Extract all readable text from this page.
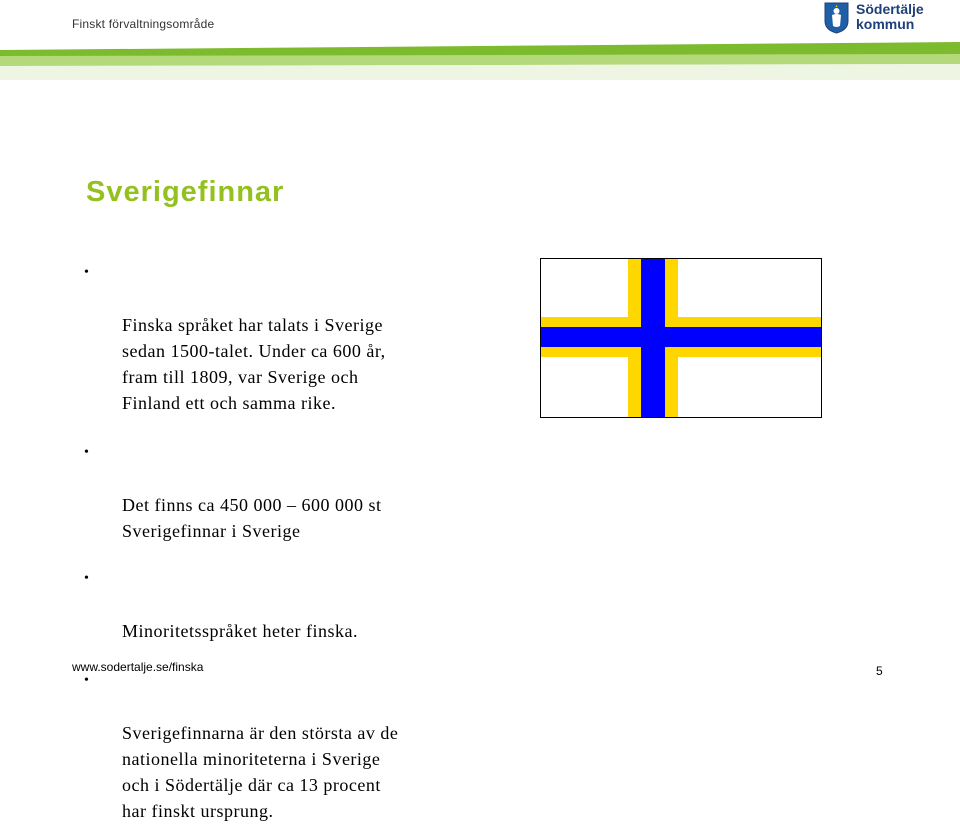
Finskt förvaltningsområde
Södertälje
kommun
Sverigefinnar

•

Finska språket har talats i Sverige
sedan 1500-talet. Under ca 600 år,
fram till 1809, var Sverige och
Finland ett och samma rike.

•

Det finns ca 450 000 – 600 000 st
Sverigefinnar i Sverige

•

Minoritetsspråket heter finska.

•

Sverigefinnarna är den största av de
nationella minoriteterna i Sverige
och i Södertälje där ca 13 procent
har finskt ursprung.

www.sodertalje.se/finska	5
